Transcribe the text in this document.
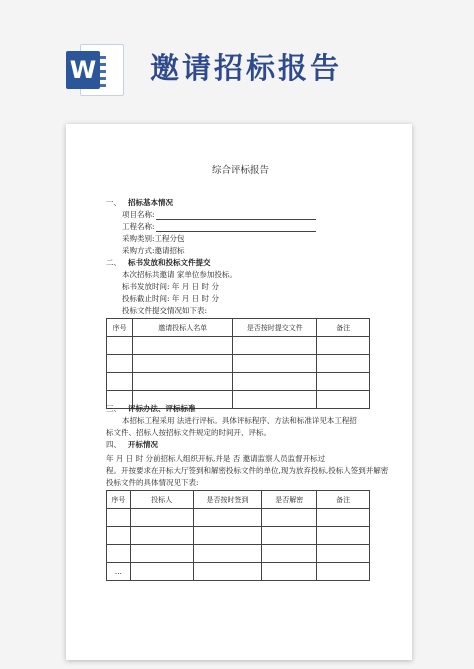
W 邀请招标报告
综合评标报告
一、 招标基本情况
项目名称:
工程名称:
采购类别:工程分包
采购方式:邀请招标
二、 标书发放和投标文件提交
本次招标共邀请 家单位参加投标。
标书发放时间: 年 月 日 时 分
投标截止时间: 年 月 日 时 分
投标文件提交情况如下表:
序号	邀请投标人名单	是否按时提交文件	备注

三、 评标办法、评标标准
本招标工程采用 法进行评标。具体评标程序、方法和标准详见本工程招
标文件、招标人按招标文件规定的时间开、评标。
四、 开标情况
年 月 日 时 分前招标人组织开标,并是 否 邀请监察人员监督开标过
程。开按要求在开标大厅签到和解密投标文件的单位,现为放弃投标,投标人签到并解密
投标文件的具体情况见下表:
序号	投标人	是否按时签到	是否解密	备注

…				
